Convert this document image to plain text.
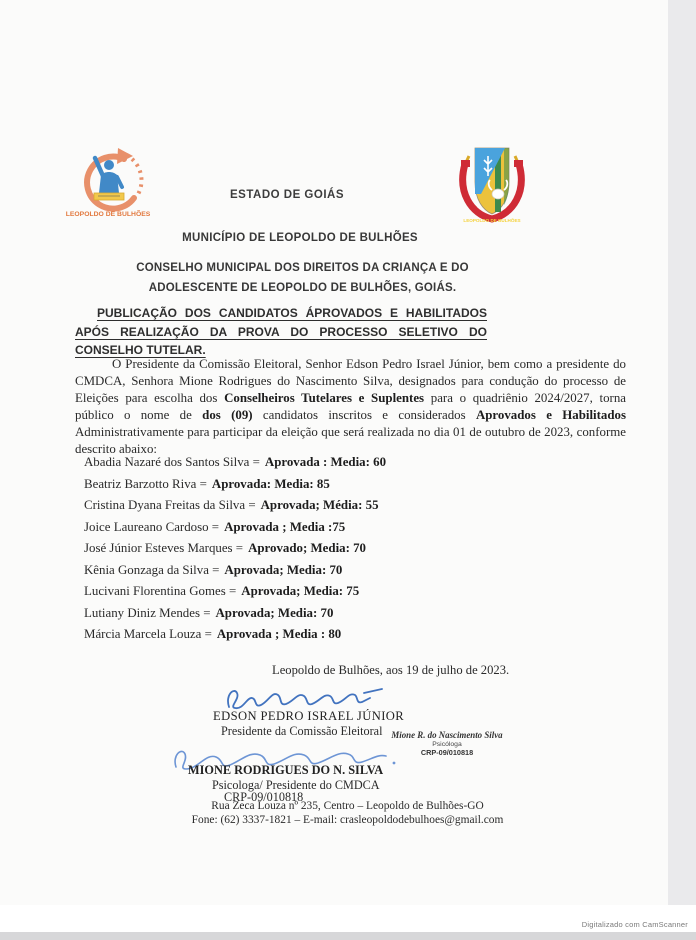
LEOPOLDO DE BULHÕES
LEOPOLDO DE BULHÕES
ESTADO DE GOIÁS
MUNICÍPIO DE LEOPOLDO DE BULHÕES
CONSELHO MUNICIPAL DOS DIREITOS DA CRIANÇA E DO
ADOLESCENTE DE LEOPOLDO DE BULHÕES, GOIÁS.
PUBLICAÇÃO DOS CANDIDATOS ÁPROVADOS E HABILITADOS
APÓS REALIZAÇÃO DA PROVA DO PROCESSO SELETIVO DO
CONSELHO TUTELAR.

O Presidente da Comissão Eleitoral, Senhor Edson Pedro Israel Júnior, bem como a presidente do CMDCA, Senhora Mione Rodrigues do Nascimento Silva, designados para condução do processo de Eleições para escolha dos Conselheiros Tutelares e Suplentes para o quadriênio 2024/2027, torna público o nome de dos (09) candidatos inscritos e considerados Aprovados e Habilitados Administrativamente para participar da eleição que será realizada no dia 01 de outubro de 2023, conforme descrito abaixo:

Abadia Nazaré dos Santos Silva = Aprovada : Media: 60
Beatriz Barzotto Riva = Aprovada: Media: 85
Cristina Dyana Freitas da Silva = Aprovada; Média: 55
Joice Laureano Cardoso = Aprovada ; Media :75
José Júnior Esteves Marques = Aprovado; Media: 70
Kênia Gonzaga da Silva = Aprovada; Media: 70
Lucivani Florentina Gomes = Aprovada; Media: 75
Lutiany Diniz Mendes = Aprovada; Media: 70
Márcia Marcela Louza = Aprovada ; Media : 80
Leopoldo de Bulhões, aos 19 de julho de 2023.
EDSON PEDRO ISRAEL JÚNIOR
Presidente da Comissão Eleitoral	Mione R. do Nascimento Silva
Psicóloga
CRP-09/010818
MIONE RODRIGUES DO N. SILVA
Psicologa/ Presidente do CMDCA
CRP-09/010818
Rua Zeca Louza nº 235, Centro – Leopoldo de Bulhões-GO
Fone: (62) 3337-1821 – E-mail: crasleopoldodebulhoes@gmail.com
Digitalizado com CamScanner
